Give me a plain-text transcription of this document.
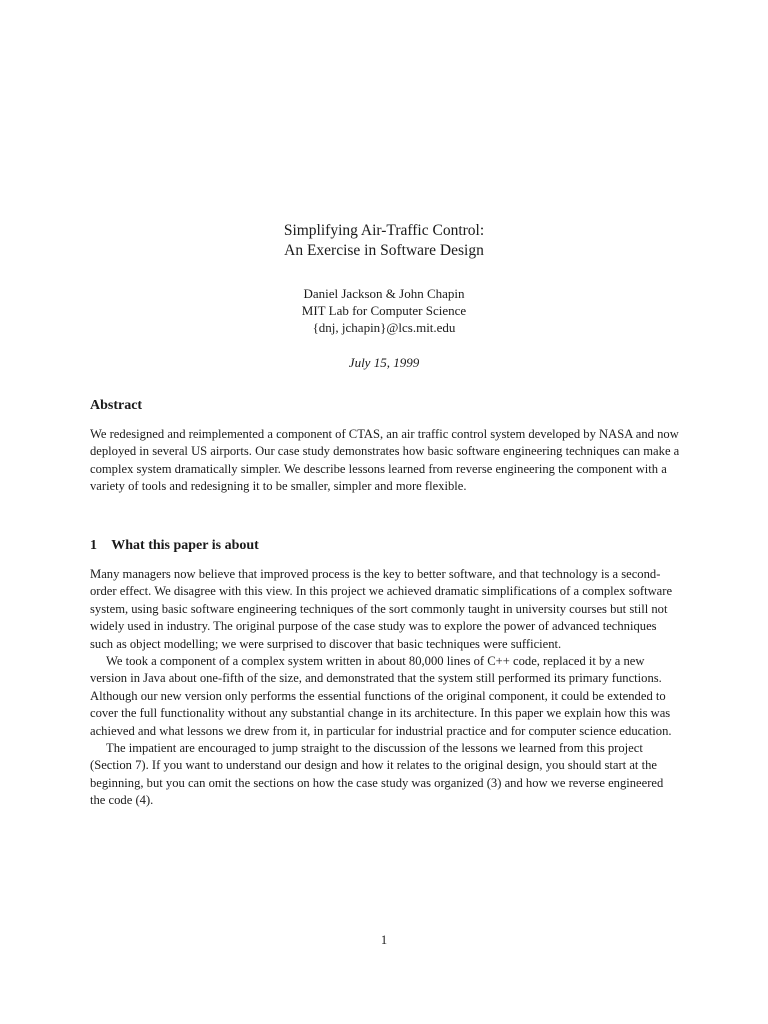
Simplifying Air-Traffic Control:
An Exercise in Software Design
Daniel Jackson & John Chapin
MIT Lab for Computer Science
{dnj, jchapin}@lcs.mit.edu
July 15, 1999
Abstract

We redesigned and reimplemented a component of CTAS, an air traffic control system developed by NASA and now deployed in several US airports. Our case study demonstrates how basic software engineering techniques can make a complex system dramatically simpler. We describe lessons learned from reverse engineering the component with a variety of tools and redesigning it to be smaller, simpler and more flexible.

1 What this paper is about

Many managers now believe that improved process is the key to better software, and that technology is a second-order effect. We disagree with this view. In this project we achieved dramatic simplifications of a complex software system, using basic software engineering techniques of the sort commonly taught in university courses but still not widely used in industry. The original purpose of the case study was to explore the power of advanced techniques such as object modelling; we were surprised to discover that basic techniques were sufficient.

We took a component of a complex system written in about 80,000 lines of C++ code, replaced it by a new version in Java about one-fifth of the size, and demonstrated that the system still performed its primary functions. Although our new version only performs the essential functions of the original component, it could be extended to cover the full functionality without any substantial change in its architecture. In this paper we explain how this was achieved and what lessons we drew from it, in particular for industrial practice and for computer science education.

The impatient are encouraged to jump straight to the discussion of the lessons we learned from this project (Section 7). If you want to understand our design and how it relates to the original design, you should start at the beginning, but you can omit the sections on how the case study was organized (3) and how we reverse engineered the code (4).

1
